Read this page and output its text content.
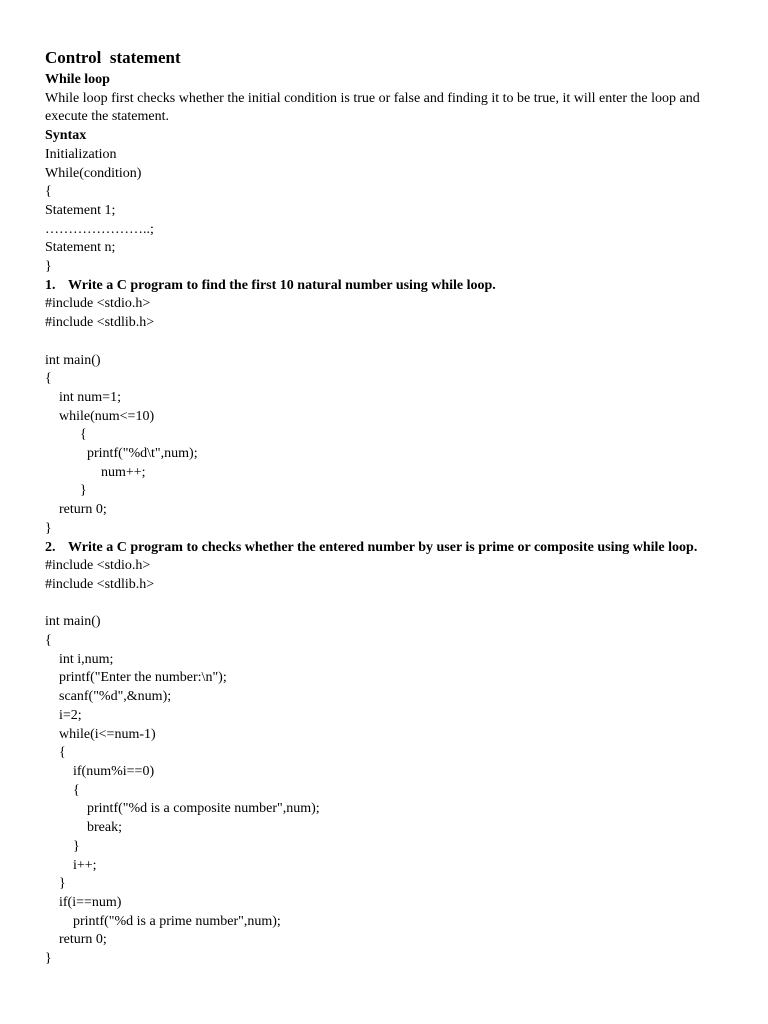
Control  statement
While loop
While loop first checks whether the initial condition is true or false and finding it to be true, it will enter the loop and execute the statement.
Syntax
Initialization
While(condition)
{
Statement 1;
…………………..;
Statement n;
}
1. Write a C program to find the first 10 natural number using while loop.
#include <stdio.h>
#include <stdlib.h>
int main()
{
int num=1;
while(num<=10)
{
printf("%d\t",num);
num++;
}
return 0;
}
2. Write a C program to checks whether the entered number by user is prime or composite using while loop.
#include <stdio.h>
#include <stdlib.h>
int main()
{
int i,num;
printf("Enter the number:\n");
scanf("%d",&num);
i=2;
while(i<=num-1)
{
if(num%i==0)
{
printf("%d is a composite number",num);
break;
}
i++;
}
if(i==num)
printf("%d is a prime number",num);
return 0;
}
